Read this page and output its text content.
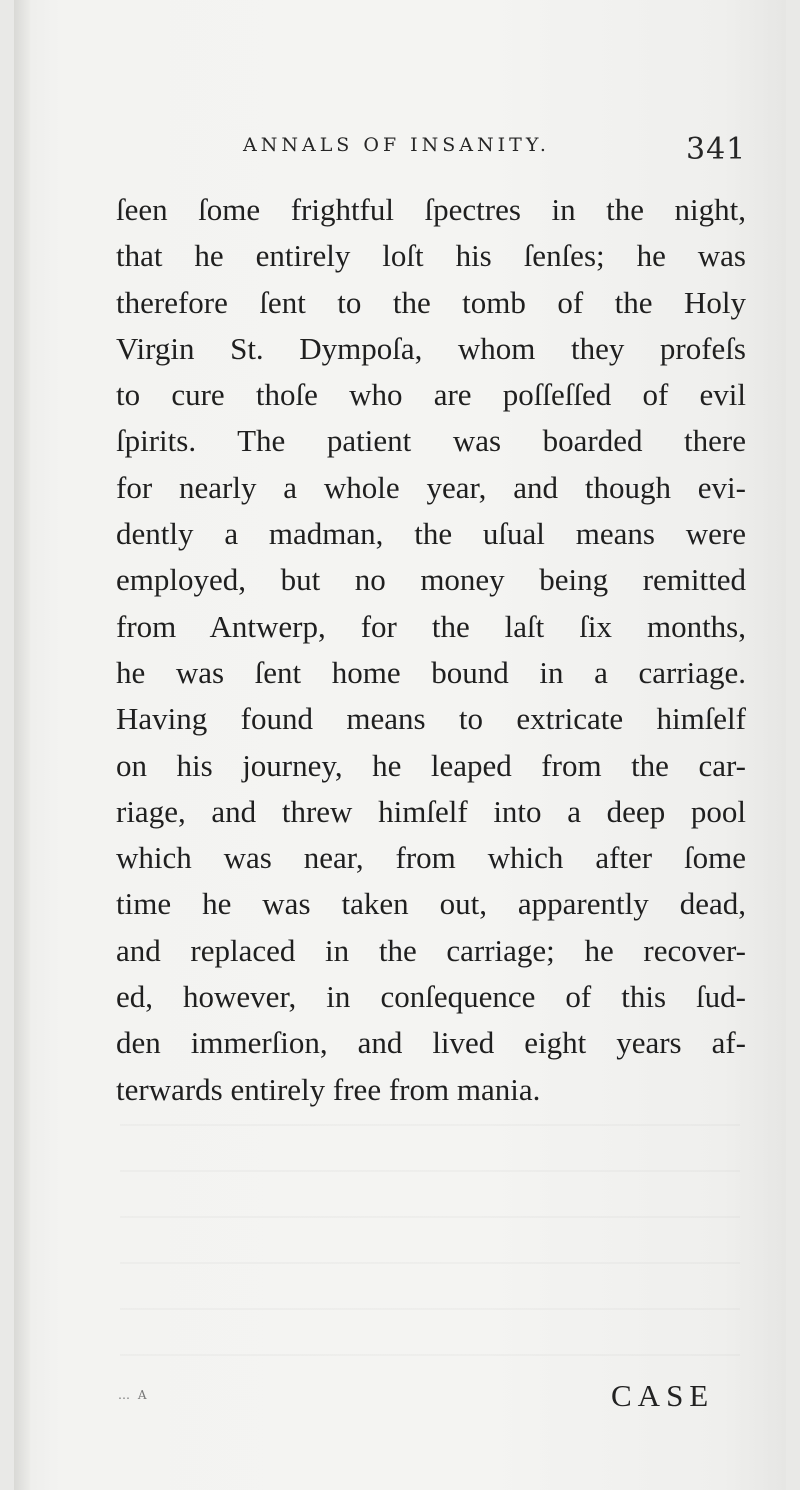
ANNALS OF INSANITY.	341
ſeen ſome frightful ſpectres in the night,
that he entirely loſt his ſenſes; he was
therefore ſent to the tomb of the Holy
Virgin St. Dympoſa, whom they profeſs
to cure thoſe who are poſſeſſed of evil
ſpirits. The patient was boarded there
for nearly a whole year, and though evi-
dently a madman, the uſual means were
employed, but no money being remitted
from Antwerp, for the laſt ſix months,
he was ſent home bound in a carriage.
Having found means to extricate himſelf
on his journey, he leaped from the car-
riage, and threw himſelf into a deep pool
which was near, from which after ſome
time he was taken out, apparently dead,
and replaced in the carriage; he recover-
ed, however, in conſequence of this ſud-
den immerſion, and lived eight years af-
terwards entirely free from mania.
… A	CASE
